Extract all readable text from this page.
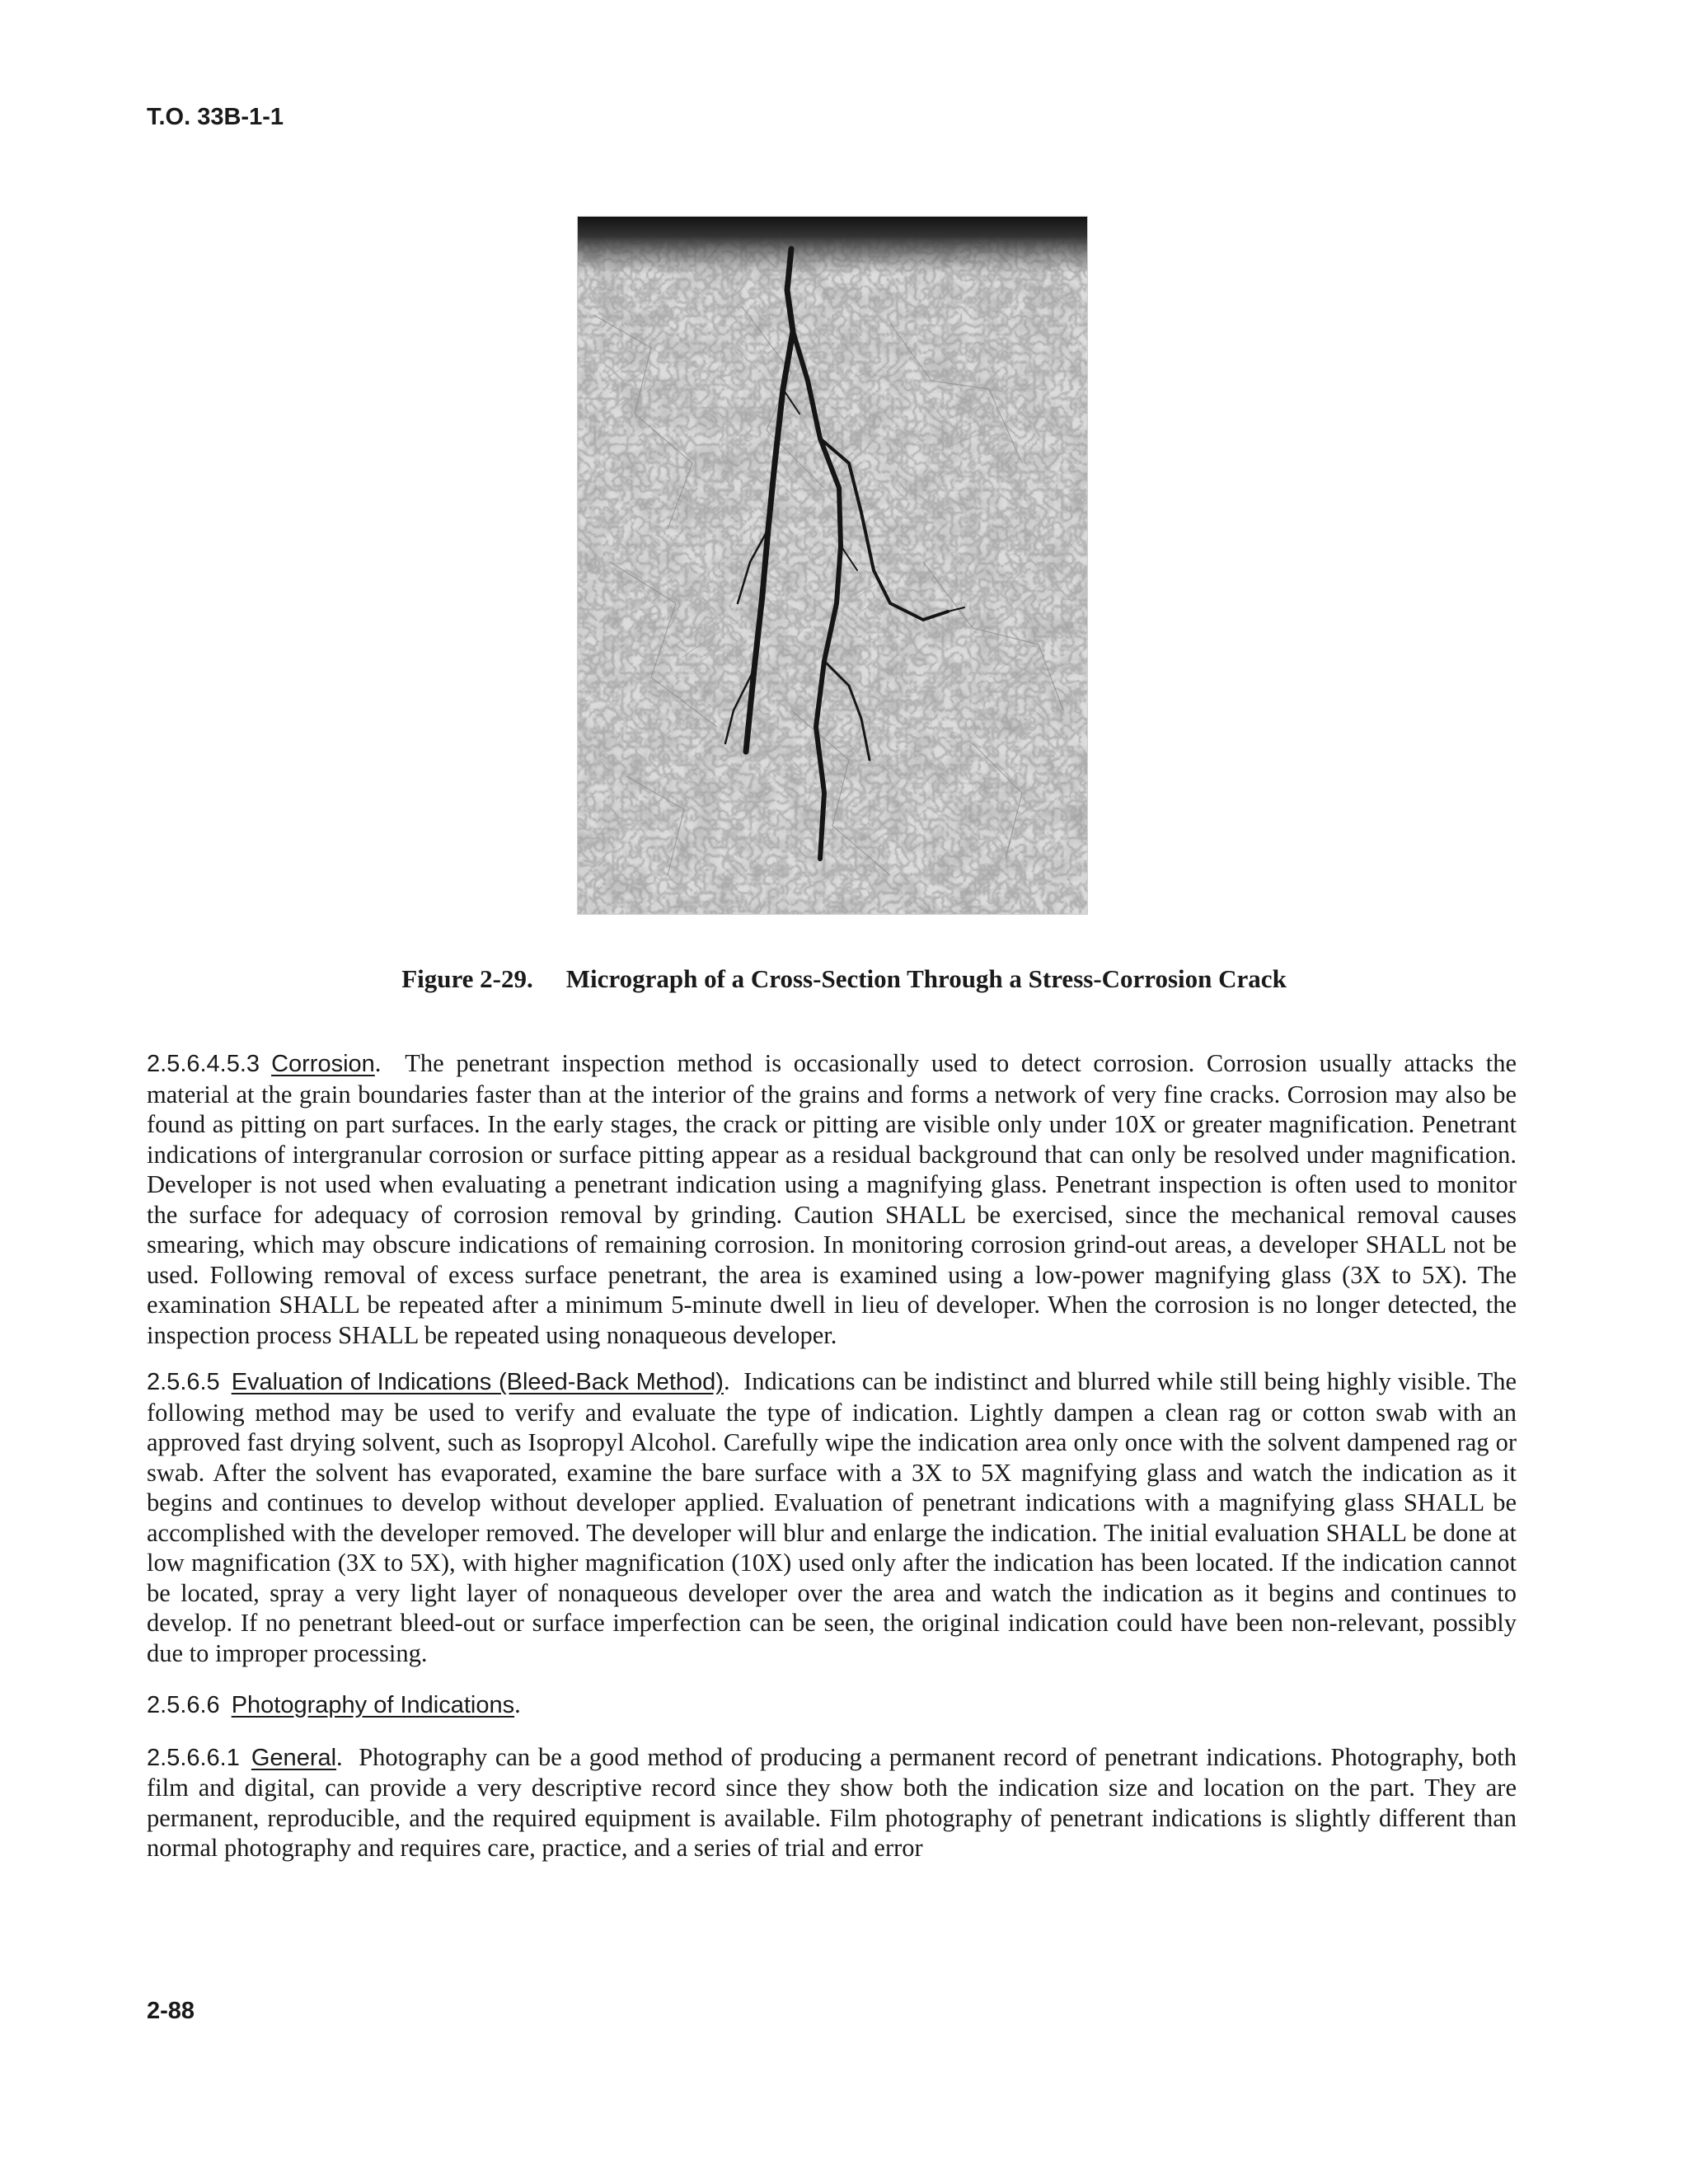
T.O. 33B-1-1
Figure 2-29. Micrograph of a Cross-Section Through a Stress-Corrosion Crack

2.5.6.4.5.3 Corrosion.  The penetrant inspection method is occasionally used to detect corrosion. Corrosion usually attacks the material at the grain boundaries faster than at the interior of the grains and forms a network of very fine cracks. Corrosion may also be found as pitting on part surfaces. In the early stages, the crack or pitting are visible only under 10X or greater magnification. Penetrant indications of intergranular corrosion or surface pitting appear as a residual background that can only be resolved under magnification. Developer is not used when evaluating a penetrant indication using a magnifying glass. Penetrant inspection is often used to monitor the surface for adequacy of corrosion removal by grinding. Caution SHALL be exercised, since the mechanical removal causes smearing, which may obscure indications of remaining corrosion. In monitoring corrosion grind-out areas, a developer SHALL not be used. Following removal of excess surface penetrant, the area is examined using a low-power magnifying glass (3X to 5X). The examination SHALL be repeated after a minimum 5-minute dwell in lieu of developer. When the corrosion is no longer detected, the inspection process SHALL be repeated using nonaqueous developer.

2.5.6.5 Evaluation of Indications (Bleed-Back Method).  Indications can be indistinct and blurred while still being highly visible. The following method may be used to verify and evaluate the type of indication. Lightly dampen a clean rag or cotton swab with an approved fast drying solvent, such as Isopropyl Alcohol. Carefully wipe the indication area only once with the solvent dampened rag or swab. After the solvent has evaporated, examine the bare surface with a 3X to 5X magnifying glass and watch the indication as it begins and continues to develop without developer applied. Evaluation of penetrant indications with a magnifying glass SHALL be accomplished with the developer removed. The developer will blur and enlarge the indication. The initial evaluation SHALL be done at low magnification (3X to 5X), with higher magnification (10X) used only after the indication has been located. If the indication cannot be located, spray a very light layer of nonaqueous developer over the area and watch the indication as it begins and continues to develop. If no penetrant bleed-out or surface imperfection can be seen, the original indication could have been non-relevant, possibly due to improper processing.

2.5.6.6 Photography of Indications.

2.5.6.6.1 General.  Photography can be a good method of producing a permanent record of penetrant indications. Photography, both film and digital, can provide a very descriptive record since they show both the indication size and location on the part. They are permanent, reproducible, and the required equipment is available. Film photography of penetrant indications is slightly different than normal photography and requires care, practice, and a series of trial and error

2-88
